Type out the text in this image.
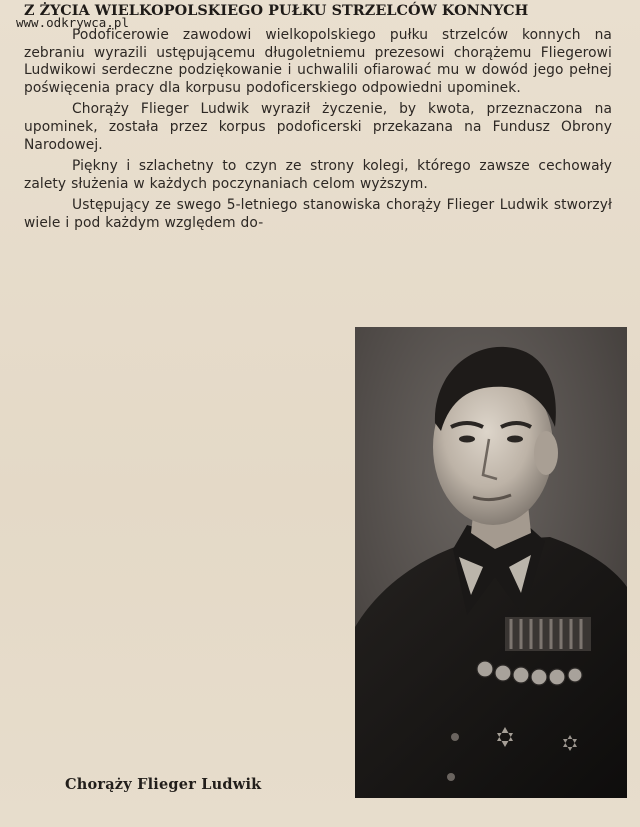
Z ŻYCIA WIELKOPOLSKIEGO PUŁKU STRZELCÓW KONNYCH
www.odkrywca.pl

Podoficerowie zawodowi wielkopolskiego pułku strzelców konnych na zebraniu wyrazili ustępującemu długoletniemu prezesowi chorążemu Fliegerowi Ludwikowi serdeczne podziękowanie i uchwalili ofiarować mu w dowód jego pełnej poświęcenia pracy dla korpusu podoficerskiego odpowiedni upominek.

Chorąży Flieger Ludwik wyraził życzenie, by kwota, przeznaczona na upominek, została przez korpus podoficerski przekazana na Fundusz Obrony Narodowej.

Piękny i szlachetny to czyn ze strony kolegi, którego zawsze cechowały zalety służenia w każdych poczynaniach celom wyższym.

Ustępujący ze swego 5-letniego stanowiska chorąży Flieger Ludwik stworzył wiele i pod każdym względem do-

Chorąży Flieger Ludwik
